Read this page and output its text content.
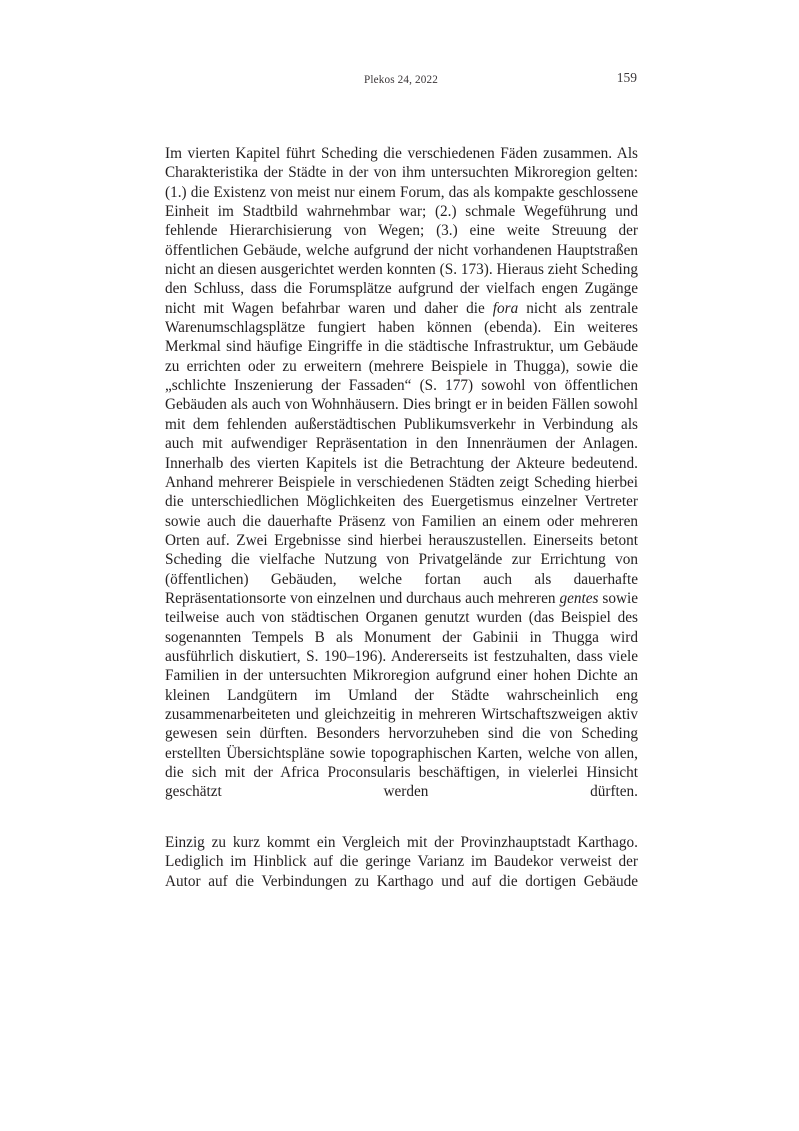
Plekos 24, 2022	159

Im vierten Kapitel führt Scheding die verschiedenen Fäden zusammen. Als Charakteristika der Städte in der von ihm untersuchten Mikroregion gelten: (1.) die Existenz von meist nur einem Forum, das als kompakte geschlossene Einheit im Stadtbild wahrnehmbar war; (2.) schmale Wegeführung und fehlende Hierarchisierung von Wegen; (3.) eine weite Streuung der öffentlichen Gebäude, welche aufgrund der nicht vorhandenen Hauptstraßen nicht an diesen ausgerichtet werden konnten (S. 173). Hieraus zieht Scheding den Schluss, dass die Forumsplätze aufgrund der vielfach engen Zugänge nicht mit Wagen befahrbar waren und daher die fora nicht als zentrale Warenumschlagsplätze fungiert haben können (ebenda). Ein weiteres Merkmal sind häufige Eingriffe in die städtische Infrastruktur, um Gebäude zu errichten oder zu erweitern (mehrere Beispiele in Thugga), sowie die „schlichte Inszenierung der Fassaden“ (S. 177) sowohl von öffentlichen Gebäuden als auch von Wohnhäusern. Dies bringt er in beiden Fällen sowohl mit dem fehlenden außerstädtischen Publikumsverkehr in Verbindung als auch mit aufwendiger Repräsentation in den Innenräumen der Anlagen. Innerhalb des vierten Kapitels ist die Betrachtung der Akteure bedeutend. Anhand mehrerer Beispiele in verschiedenen Städten zeigt Scheding hierbei die unterschiedlichen Möglichkeiten des Euergetismus einzelner Vertreter sowie auch die dauerhafte Präsenz von Familien an einem oder mehreren Orten auf. Zwei Ergebnisse sind hierbei herauszustellen. Einerseits betont Scheding die vielfache Nutzung von Privatgelände zur Errichtung von (öffentlichen) Gebäuden, welche fortan auch als dauerhafte Repräsentationsorte von einzelnen und durchaus auch mehreren gentes sowie teilweise auch von städtischen Organen genutzt wurden (das Beispiel des sogenannten Tempels B als Monument der Gabinii in Thugga wird ausführlich diskutiert, S. 190–196). Andererseits ist festzuhalten, dass viele Familien in der untersuchten Mikroregion aufgrund einer hohen Dichte an kleinen Landgütern im Umland der Städte wahrscheinlich eng zusammenarbeiteten und gleichzeitig in mehreren Wirtschaftszweigen aktiv gewesen sein dürften. Besonders hervorzuheben sind die von Scheding erstellten Übersichtspläne sowie topographischen Karten, welche von allen, die sich mit der Africa Proconsularis beschäftigen, in vielerlei Hinsicht geschätzt werden dürften.

Einzig zu kurz kommt ein Vergleich mit der Provinzhauptstadt Karthago. Lediglich im Hinblick auf die geringe Varianz im Baudekor verweist der Autor auf die Verbindungen zu Karthago und auf die dortigen Gebäude
